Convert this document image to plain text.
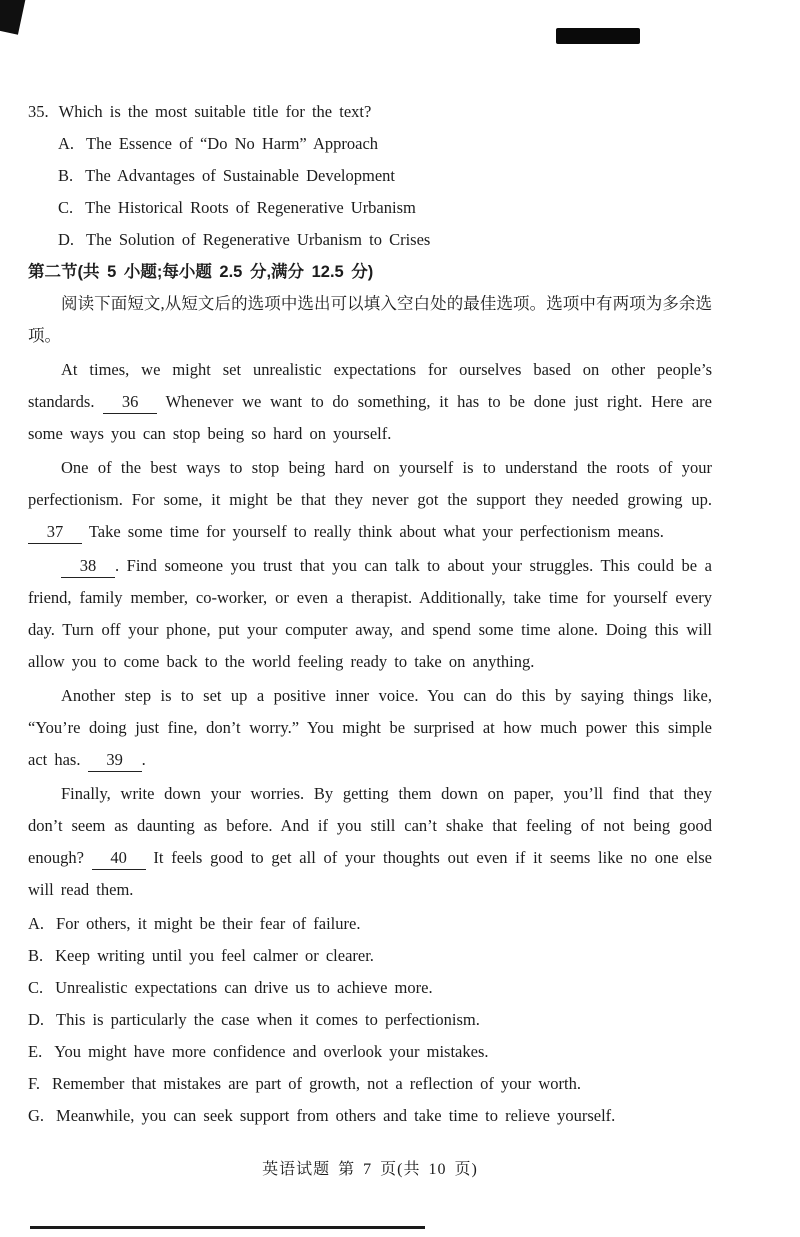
35. Which is the most suitable title for the text?
A. The Essence of “Do No Harm” Approach
B. The Advantages of Sustainable Development
C. The Historical Roots of Regenerative Urbanism
D. The Solution of Regenerative Urbanism to Crises
第二节(共 5 小题;每小题 2.5 分,满分 12.5 分)

阅读下面短文,从短文后的选项中选出可以填入空白处的最佳选项。选项中有两项为多余选项。

At times, we might set unrealistic expectations for ourselves based on other people’s standards. 36 Whenever we want to do something, it has to be done just right. Here are some ways you can stop being so hard on yourself.

One of the best ways to stop being hard on yourself is to understand the roots of your perfectionism. For some, it might be that they never got the support they needed growing up. 37 Take some time for yourself to really think about what your perfectionism means.

38 . Find someone you trust that you can talk to about your struggles. This could be a friend, family member, co-worker, or even a therapist. Additionally, take time for yourself every day. Turn off your phone, put your computer away, and spend some time alone. Doing this will allow you to come back to the world feeling ready to take on anything.

Another step is to set up a positive inner voice. You can do this by saying things like, “You’re doing just fine, don’t worry.” You might be surprised at how much power this simple act has. 39 .

Finally, write down your worries. By getting them down on paper, you’ll find that they don’t seem as daunting as before. And if you still can’t shake that feeling of not being good enough? 40 It feels good to get all of your thoughts out even if it seems like no one else will read them.

A. For others, it might be their fear of failure.
B. Keep writing until you feel calmer or clearer.
C. Unrealistic expectations can drive us to achieve more.
D. This is particularly the case when it comes to perfectionism.
E. You might have more confidence and overlook your mistakes.
F. Remember that mistakes are part of growth, not a reflection of your worth.
G. Meanwhile, you can seek support from others and take time to relieve yourself.
英语试题 第 7 页(共 10 页)
